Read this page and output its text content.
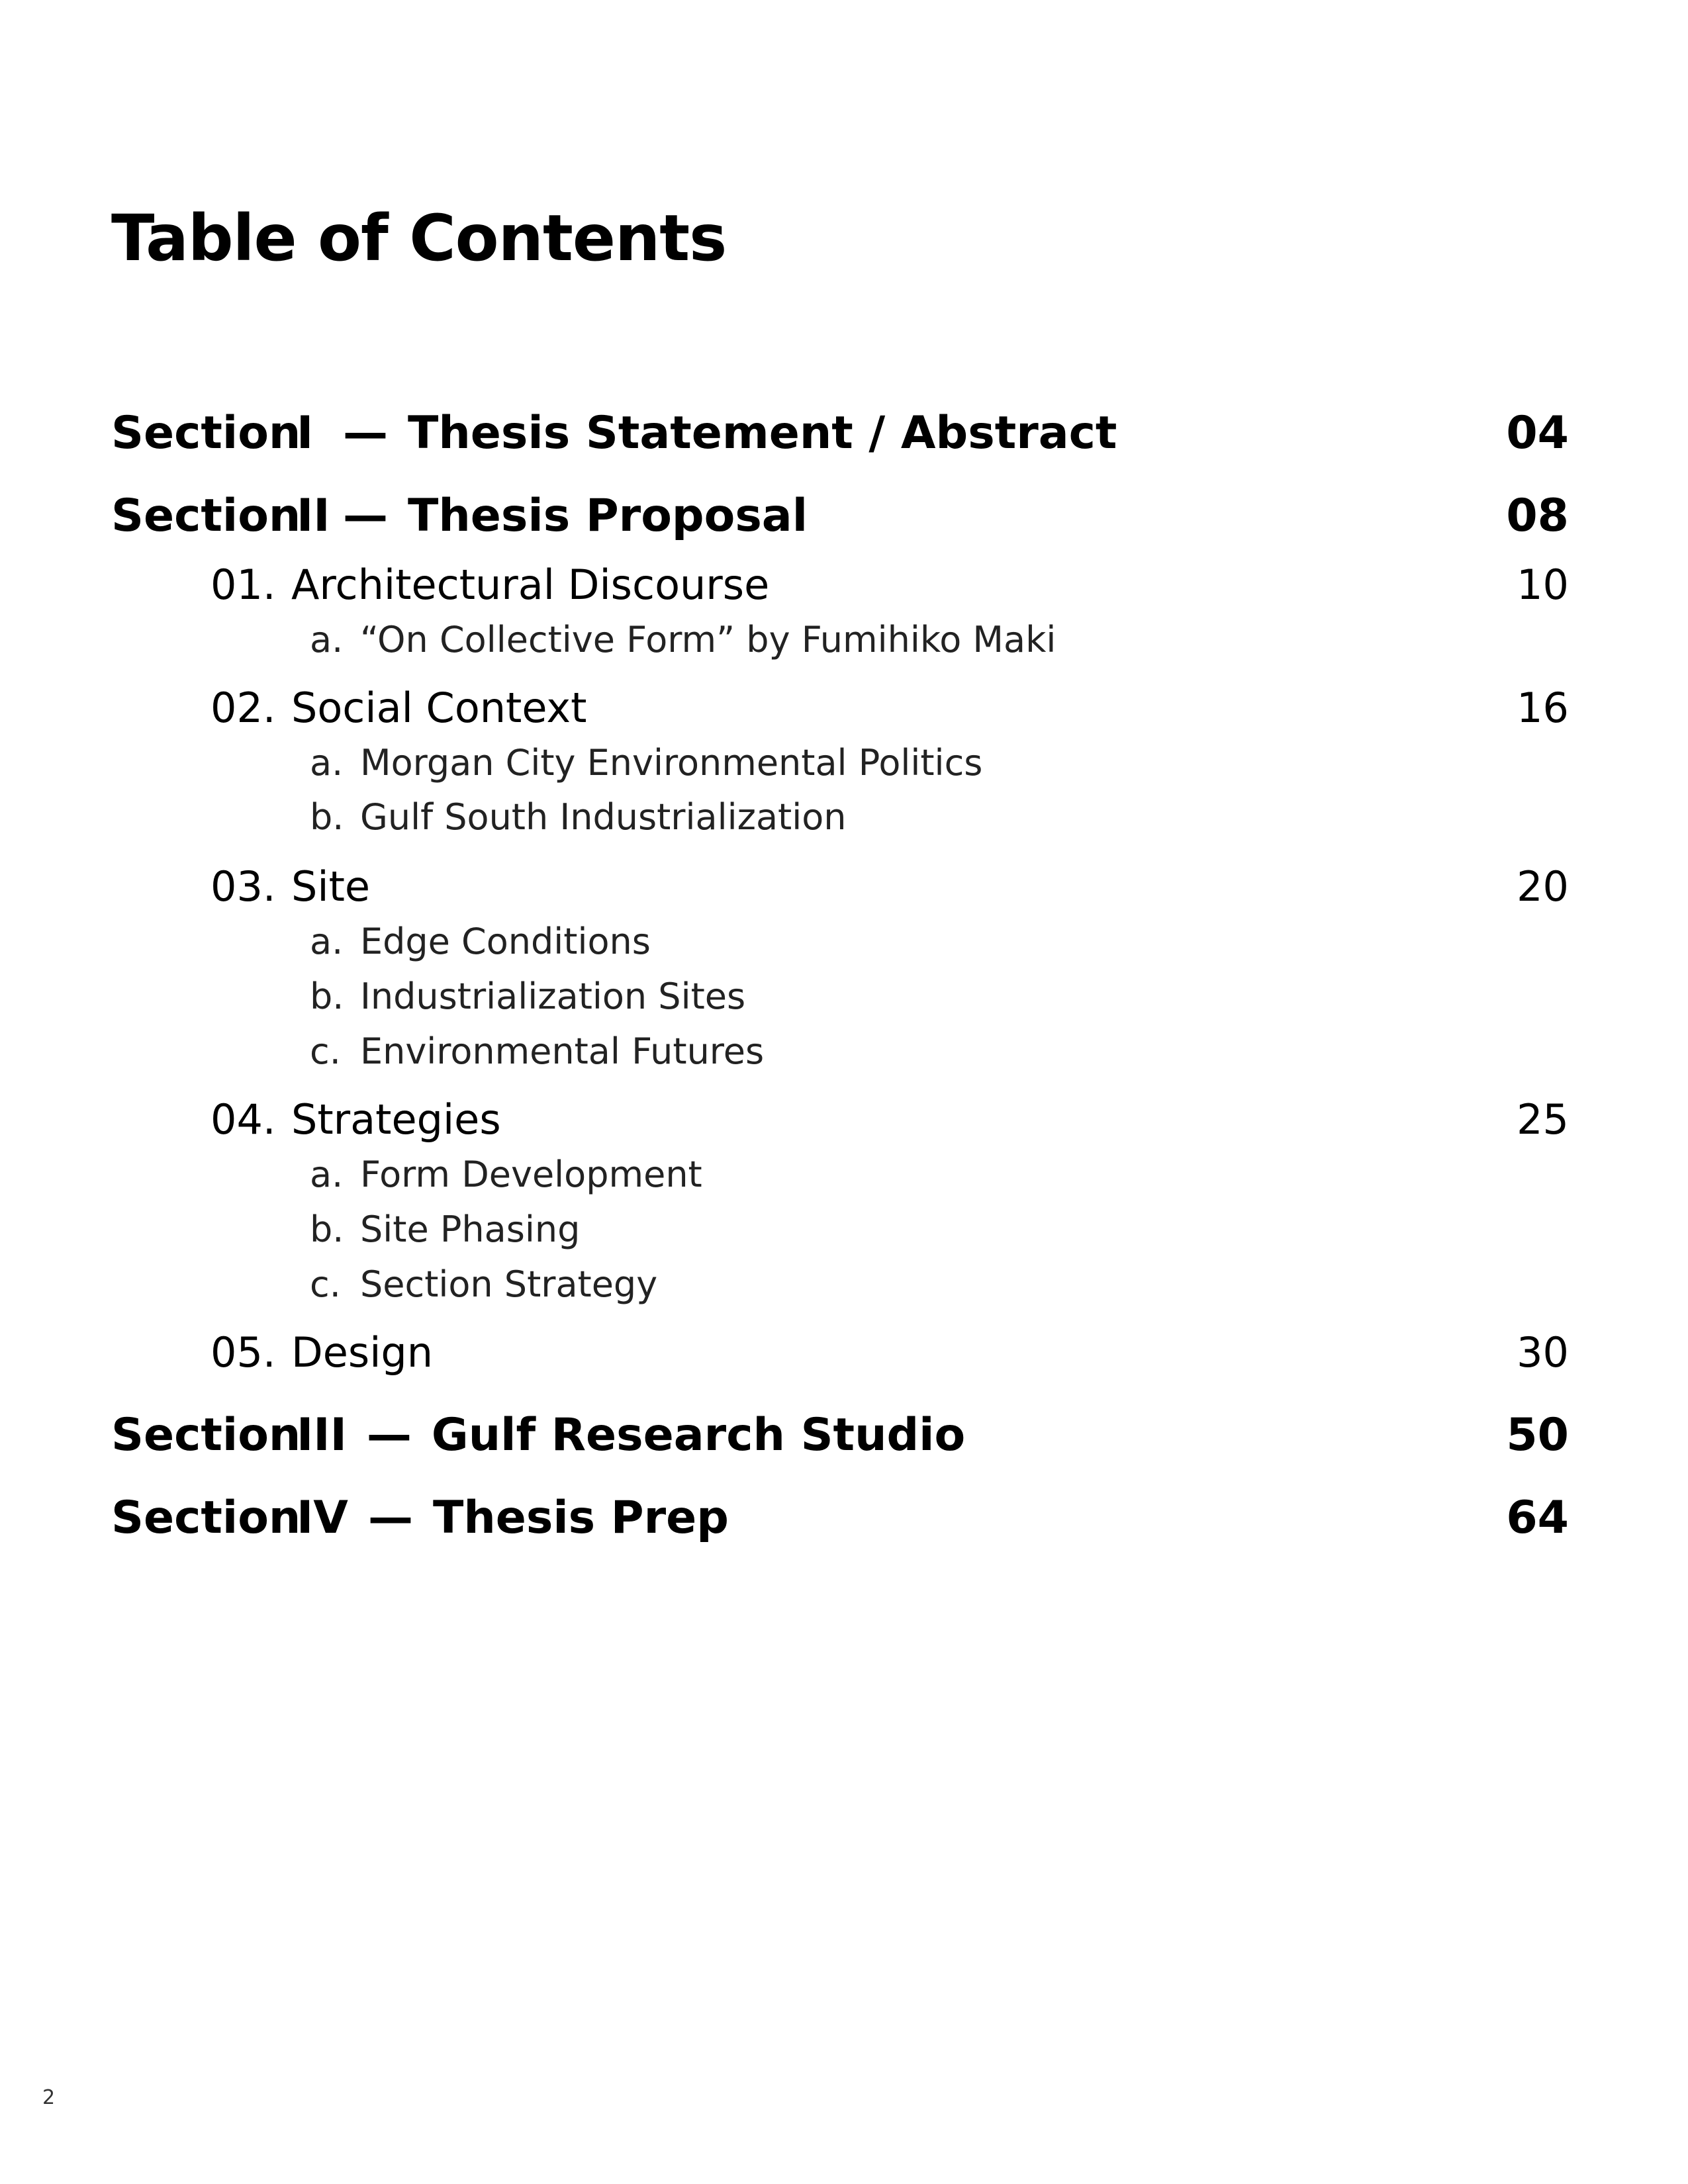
Table of Contents
SectionI — Thesis Statement / Abstract	04
SectionII — Thesis Proposal	08
01. Architectural Discourse	10
a. “On Collective Form” by Fumihiko Maki
02. Social Context	16
a. Morgan City Environmental Politics
b. Gulf South Industrialization
03. Site	20
a. Edge Conditions
b. Industrialization Sites
c. Environmental Futures
04. Strategies	25
a. Form Development
b. Site Phasing
c. Section Strategy
05. Design	30
SectionIII — Gulf Research Studio	50
SectionIV — Thesis Prep	64
2
